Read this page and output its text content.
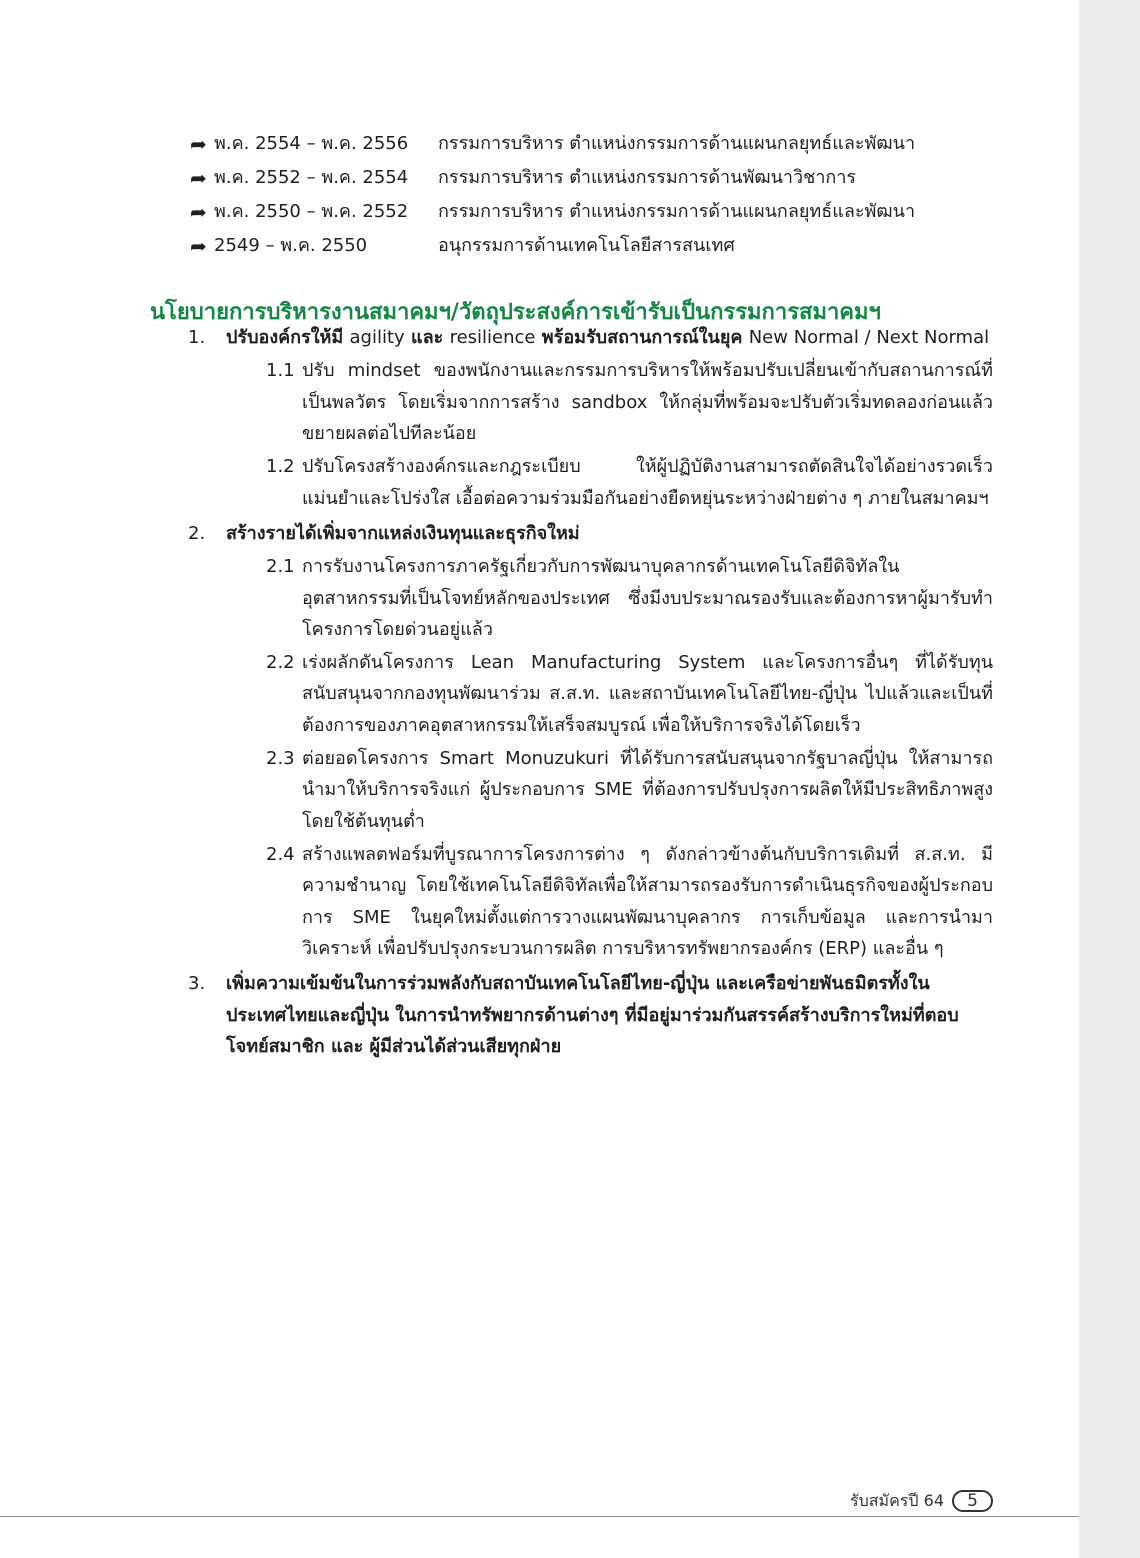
➦ พ.ค. 2554 – พ.ค. 2556	กรรมการบริหาร ตำแหน่งกรรมการด้านแผนกลยุทธ์และพัฒนา
➦ พ.ค. 2552 – พ.ค. 2554	กรรมการบริหาร ตำแหน่งกรรมการด้านพัฒนาวิชาการ
➦ พ.ค. 2550 – พ.ค. 2552	กรรมการบริหาร ตำแหน่งกรรมการด้านแผนกลยุทธ์และพัฒนา
➦ 2549 – พ.ค. 2550	อนุกรรมการด้านเทคโนโลยีสารสนเทศ
นโยบายการบริหารงานสมาคมฯ/วัตถุประสงค์การเข้ารับเป็นกรรมการสมาคมฯ
1.	ปรับองค์กรให้มี agility และ resilience พร้อมรับสถานการณ์ในยุค New Normal / Next Normal
1.1 ปรับ mindset ของพนักงานและกรรมการบริหารให้พร้อมปรับเปลี่ยนเข้ากับสถานการณ์ที่เป็นพลวัตร โดยเริ่มจากการสร้าง sandbox ให้กลุ่มที่พร้อมจะปรับตัวเริ่มทดลองก่อนแล้วขยายผลต่อไปทีละน้อย
1.2 ปรับโครงสร้างองค์กรและกฎระเบียบ ให้ผู้ปฏิบัติงานสามารถตัดสินใจได้อย่างรวดเร็ว แม่นยำและโปร่งใส เอื้อต่อความร่วมมือกันอย่างยืดหยุ่นระหว่างฝ่ายต่าง ๆ ภายในสมาคมฯ
2.	สร้างรายได้เพิ่มจากแหล่งเงินทุนและธุรกิจใหม่
2.1 การรับงานโครงการภาครัฐเกี่ยวกับการพัฒนาบุคลากรด้านเทคโนโลยีดิจิทัลในอุตสาหกรรมที่เป็นโจทย์หลักของประเทศ ซึ่งมีงบประมาณรองรับและต้องการหาผู้มารับทำโครงการโดยด่วนอยู่แล้ว
2.2 เร่งผลักดันโครงการ Lean Manufacturing System และโครงการอื่นๆ ที่ได้รับทุนสนับสนุนจากกองทุนพัฒนาร่วม ส.ส.ท. และสถาบันเทคโนโลยีไทย-ญี่ปุ่น ไปแล้วและเป็นที่ต้องการของภาคอุตสาหกรรมให้เสร็จสมบูรณ์ เพื่อให้บริการจริงได้โดยเร็ว
2.3 ต่อยอดโครงการ Smart Monuzukuri ที่ได้รับการสนับสนุนจากรัฐบาลญี่ปุ่น ให้สามารถนำมาให้บริการจริงแก่ ผู้ประกอบการ SME ที่ต้องการปรับปรุงการผลิตให้มีประสิทธิภาพสูง โดยใช้ต้นทุนต่ำ
2.4 สร้างแพลตฟอร์มที่บูรณาการโครงการต่าง ๆ ดังกล่าวข้างต้นกับบริการเดิมที่ ส.ส.ท. มีความชำนาญ โดยใช้เทคโนโลยีดิจิทัลเพื่อให้สามารถรองรับการดำเนินธุรกิจของผู้ประกอบการ SME ในยุคใหม่ตั้งแต่การวางแผนพัฒนาบุคลากร การเก็บข้อมูล และการนำมาวิเคราะห์ เพื่อปรับปรุงกระบวนการผลิต การบริหารทรัพยากรองค์กร (ERP) และอื่น ๆ
3.	เพิ่มความเข้มข้นในการร่วมพลังกับสถาบันเทคโนโลยีไทย-ญี่ปุ่น และเครือข่ายพันธมิตรทั้งในประเทศไทยและญี่ปุ่น ในการนำทรัพยากรด้านต่างๆ ที่มีอยู่มาร่วมกันสรรค์สร้างบริการใหม่ที่ตอบโจทย์สมาชิก และ ผู้มีส่วนได้ส่วนเสียทุกฝ่าย
รับสมัครปี 64	5
